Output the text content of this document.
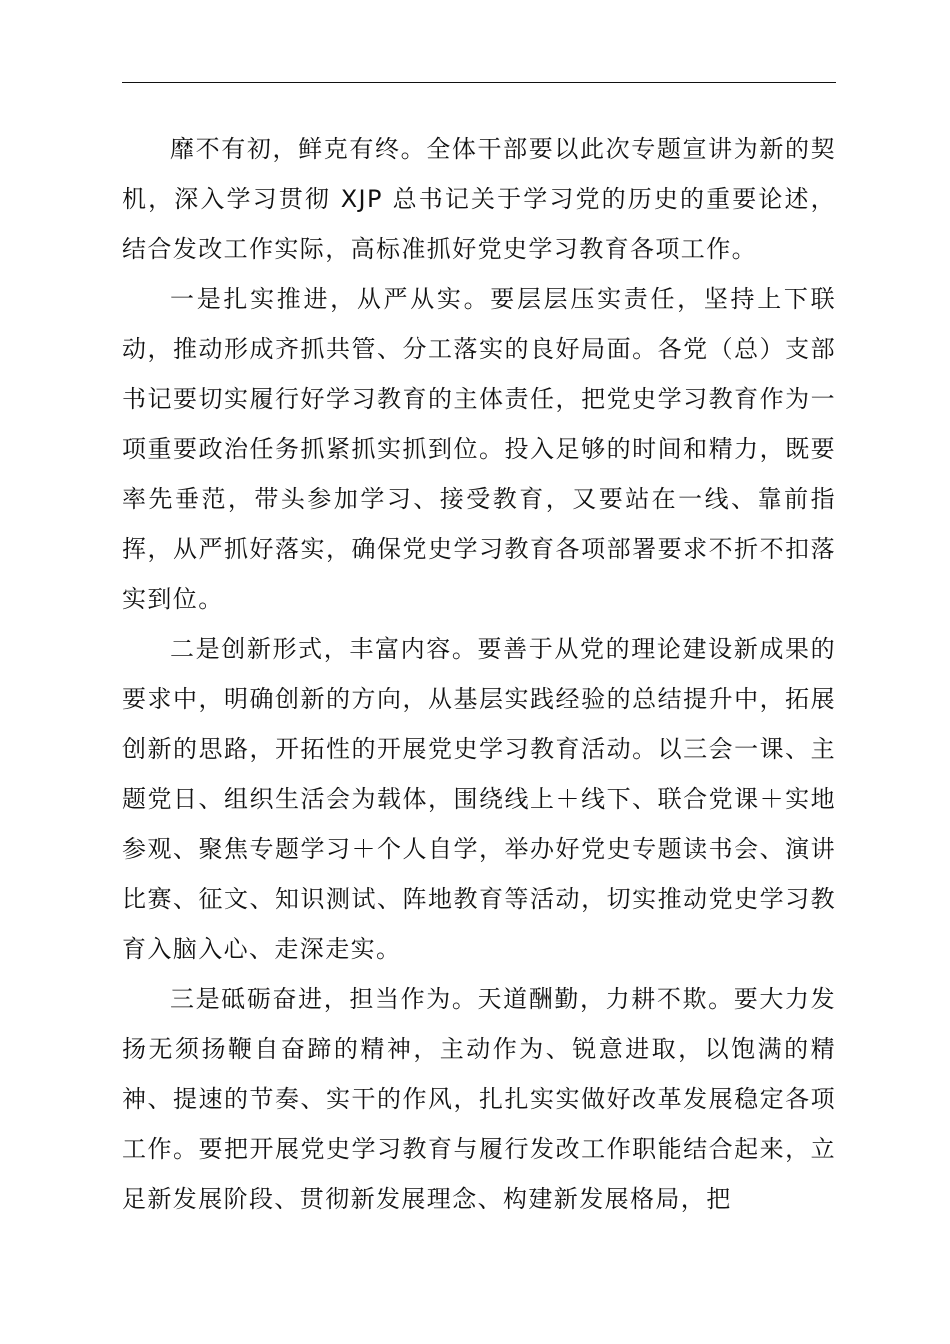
靡不有初，鲜克有终。全体干部要以此次专题宣讲为新的契机，深入学习贯彻 XJP 总书记关于学习党的历史的重要论述，结合发改工作实际，高标准抓好党史学习教育各项工作。

一是扎实推进，从严从实。要层层压实责任，坚持上下联动，推动形成齐抓共管、分工落实的良好局面。各党（总）支部书记要切实履行好学习教育的主体责任，把党史学习教育作为一项重要政治任务抓紧抓实抓到位。投入足够的时间和精力，既要率先垂范，带头参加学习、接受教育，又要站在一线、靠前指挥，从严抓好落实，确保党史学习教育各项部署要求不折不扣落实到位。

二是创新形式，丰富内容。要善于从党的理论建设新成果的要求中，明确创新的方向，从基层实践经验的总结提升中，拓展创新的思路，开拓性的开展党史学习教育活动。以三会一课、主题党日、组织生活会为载体，围绕线上＋线下、联合党课＋实地参观、聚焦专题学习＋个人自学，举办好党史专题读书会、演讲比赛、征文、知识测试、阵地教育等活动，切实推动党史学习教育入脑入心、走深走实。

三是砥砺奋进，担当作为。天道酬勤，力耕不欺。要大力发扬无须扬鞭自奋蹄的精神，主动作为、锐意进取，以饱满的精神、提速的节奏、实干的作风，扎扎实实做好改革发展稳定各项工作。要把开展党史学习教育与履行发改工作职能结合起来，立足新发展阶段、贯彻新发展理念、构建新发展格局，把
